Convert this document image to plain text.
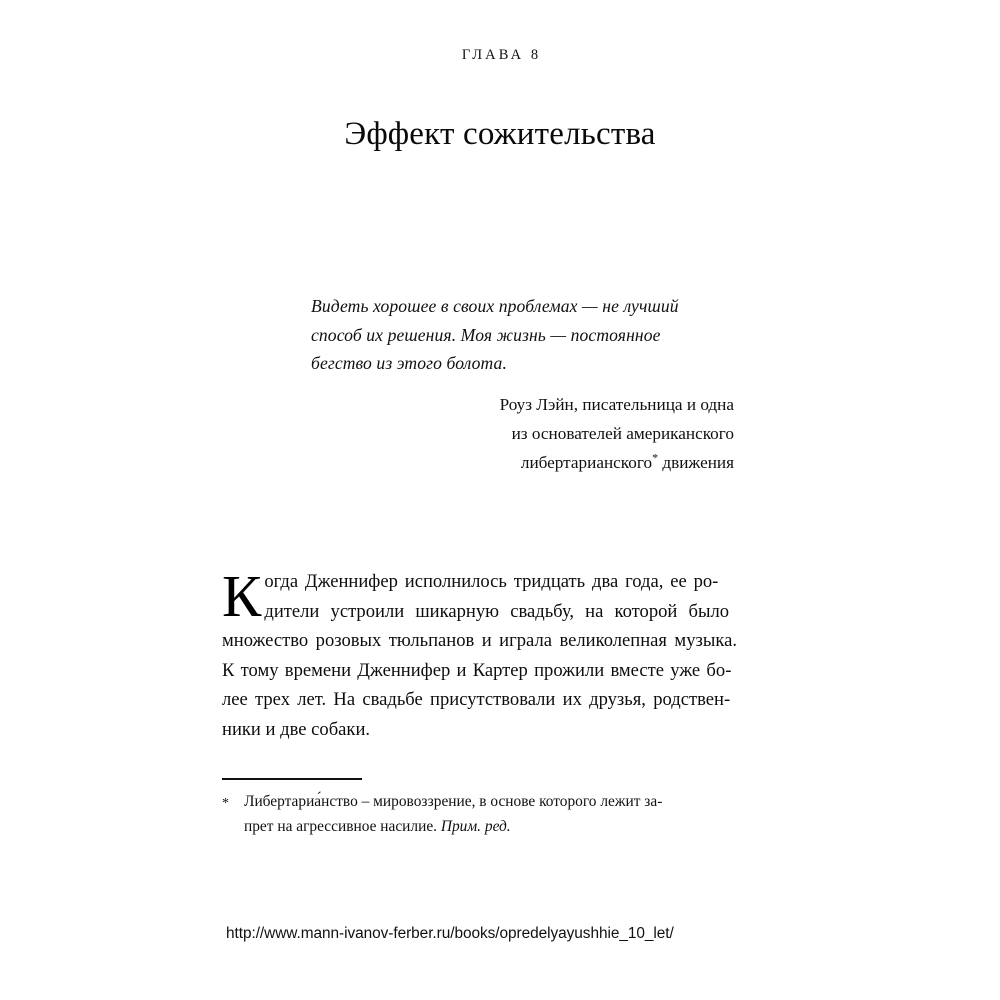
ГЛАВА 8
Эффект сожительства
Видеть хорошее в своих проблемах — не лучший
способ их решения. Моя жизнь — постоянное
бегство из этого болота.
Роуз Лэйн, писательница и одна
из основателей американского
либертарианского* движения

К огда Дженнифер исполнилось тридцать два года, ее ро-
дители устроили шикарную свадьбу, на которой было
множество розовых тюльпанов и играла великолепная музыка.
К тому времени Дженнифер и Картер прожили вместе уже бо-
лее трех лет. На свадьбе присутствовали их друзья, родствен-
ники и две собаки.

* Либертариа́нство – мировоззрение, в основе которого лежит за-
прет на агрессивное насилие. Прим. ред.
http://www.mann-ivanov-ferber.ru/books/opredelyayushhie_10_let/
